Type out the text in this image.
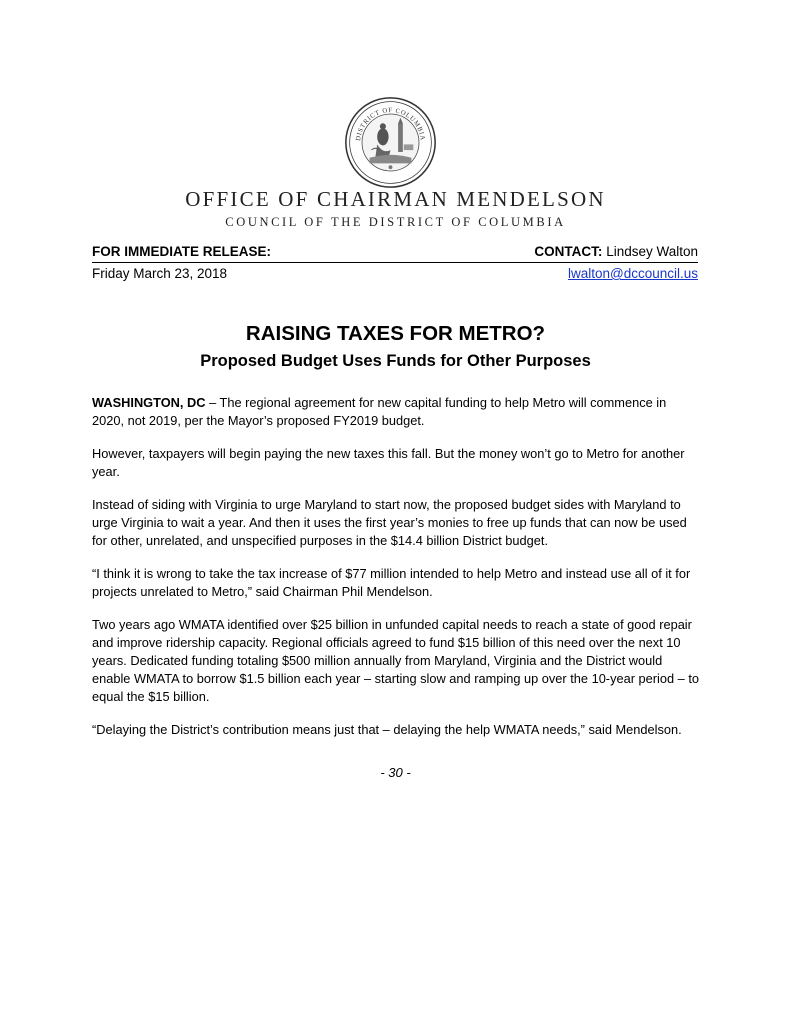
DISTRICT OF COLUMBIA
OFFICE OF CHAIRMAN MENDELSON
COUNCIL OF THE DISTRICT OF COLUMBIA
FOR IMMEDIATE RELEASE:	CONTACT: Lindsey Walton
Friday March 23, 2018	lwalton@dccouncil.us
RAISING TAXES FOR METRO?
Proposed Budget Uses Funds for Other Purposes

WASHINGTON, DC – The regional agreement for new capital funding to help Metro will commence in 2020, not 2019, per the Mayor’s proposed FY2019 budget.

However, taxpayers will begin paying the new taxes this fall. But the money won’t go to Metro for another year.

Instead of siding with Virginia to urge Maryland to start now, the proposed budget sides with Maryland to urge Virginia to wait a year. And then it uses the first year’s monies to free up funds that can now be used for other, unrelated, and unspecified purposes in the $14.4 billion District budget.

“I think it is wrong to take the tax increase of $77 million intended to help Metro and instead use all of it for projects unrelated to Metro,” said Chairman Phil Mendelson.

Two years ago WMATA identified over $25 billion in unfunded capital needs to reach a state of good repair and improve ridership capacity. Regional officials agreed to fund $15 billion of this need over the next 10 years. Dedicated funding totaling $500 million annually from Maryland, Virginia and the District would enable WMATA to borrow $1.5 billion each year – starting slow and ramping up over the 10-year period – to equal the $15 billion.

“Delaying the District’s contribution means just that – delaying the help WMATA needs,” said Mendelson.

- 30 -
